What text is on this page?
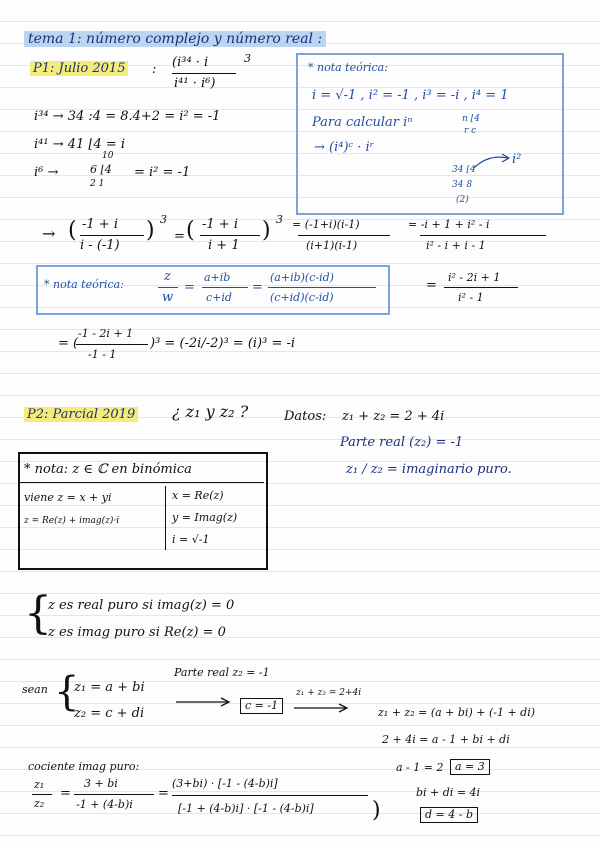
tema 1: número complejo y número real :
P1: Julio 2015 : (i³⁴ · i
i⁴¹ · i⁶)
3
i³⁴ → 34 :4 = 8.4+2 = i² = -1
i⁴¹ → 41 ⌊4 = i
i⁶ →
10
6 ⌊4
2 1
= i² = -1
* nota teórica:
i = √-1 , i² = -1 , i³ = -i , i⁴ = 1
Para calcular iⁿ	n ⌊4
r c
→ (i⁴)ᶜ · iʳ
34 ⌊4
34 8
(2)
i²
→ ( -1 + i
i - (-1)
) 3
= ( -1 + i
i + 1
) 3 = (-1+i)(i-1)
(i+1)(i-1)
= -i + 1 + i² - i
i² - i + i - 1
* nota teórica:
z
w
=
a+ib
c+id
=
(a+ib)(c-id)
(c+id)(c-id)
=
i² - 2i + 1
i² - 1
= (
-1 - 2i + 1
-1 - 1
)³ = (-2i/-2)³ = (i)³ = -i
P2: Parcial 2019 ¿ z₁ y z₂ ?	Datos: z₁ + z₂ = 2 + 4i
Parte real (z₂) = -1
z₁ / z₂ = imaginario puro.
* nota: z ∈ ℂ en binómica
viene z = x + yi
z = Re(z) + imag(z)·i
x = Re(z)
y = Imag(z)
i = √-1
{
z es real puro si imag(z) = 0
z es imag puro si Re(z) = 0
sean {
z₁ = a + bi
z₂ = c + di
Parte real z₂ = -1
c = -1
z₁ + z₂ = 2+4i
z₁ + z₂ = (a + bi) + (-1 + di)
2 + 4i = a - 1 + bi + di
a - 1 = 2	a = 3
bi + di = 4i
d = 4 - b
cociente imag puro:
z₁
z₂
=
3 + bi
-1 + (4-b)i
=
(3+bi) · [-1 - (4-b)i]
[-1 + (4-b)i] · [-1 - (4-b)i]	)
